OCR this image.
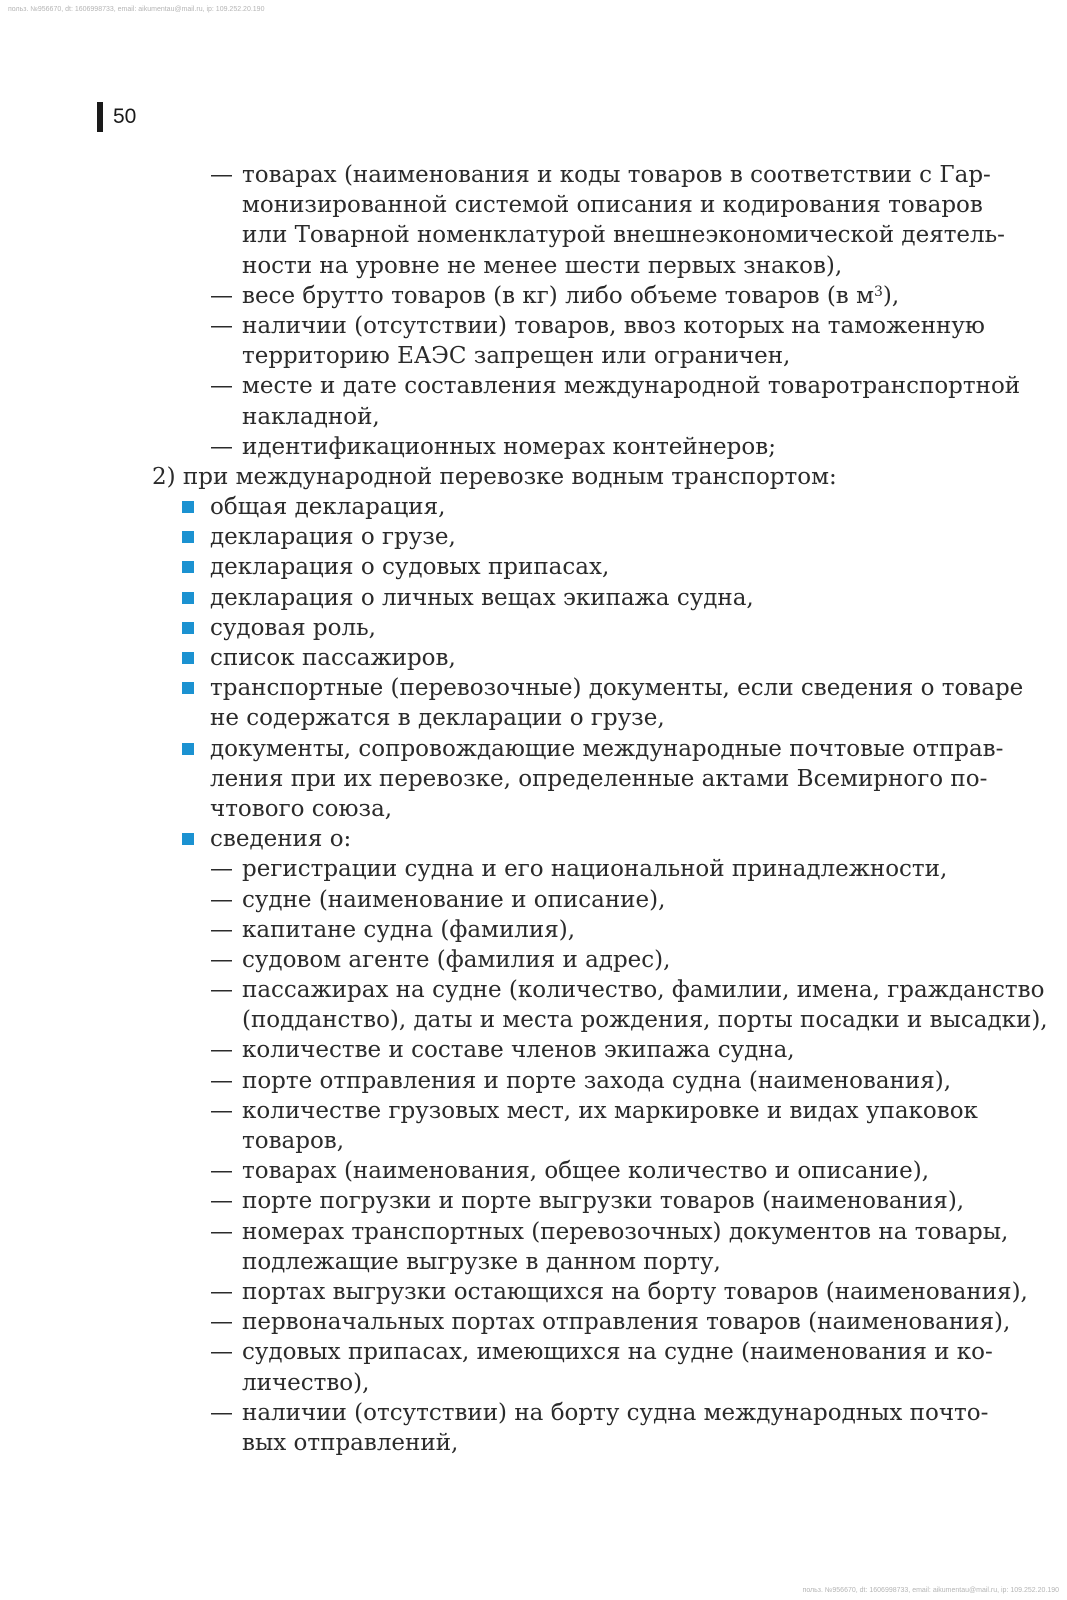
польз. №956670, dt: 1606998733, email: aikumentau@mail.ru, ip: 109.252.20.190
польз. №956670, dt: 1606998733, email: aikumentau@mail.ru, ip: 109.252.20.190
50
— товарах (наименования и коды товаров в соответствии с Гар-
монизированной системой описания и кодирования товаров
или Товарной номенклатурой внешнеэкономической деятель-
ности на уровне не менее шести первых знаков),
— весе брутто товаров (в кг) либо объеме товаров (в $м^3$),
— наличии (отсутствии) товаров, ввоз которых на таможенную
территорию ЕАЭС запрещен или ограничен,
— месте и дате составления международной товаротранспортной
накладной,
— идентификационных номерах контейнеров;
2) при международной перевозке водным транспортом:
общая декларация,
декларация о грузе,
декларация о судовых припасах,
декларация о личных вещах экипажа судна,
судовая роль,
список пассажиров,
транспортные (перевозочные) документы, если сведения о товаре
не содержатся в декларации о грузе,
документы, сопровождающие международные почтовые отправ-
ления при их перевозке, определенные актами Всемирного по-
чтового союза,
сведения о:
— регистрации судна и его национальной принадлежности,
— судне (наименование и описание),
— капитане судна (фамилия),
— судовом агенте (фамилия и адрес),
— пассажирах на судне (количество, фамилии, имена, гражданство
(подданство), даты и места рождения, порты посадки и высадки),
— количестве и составе членов экипажа судна,
— порте отправления и порте захода судна (наименования),
— количестве грузовых мест, их маркировке и видах упаковок
товаров,
— товарах (наименования, общее количество и описание),
— порте погрузки и порте выгрузки товаров (наименования),
— номерах транспортных (перевозочных) документов на товары,
подлежащие выгрузке в данном порту,
— портах выгрузки остающихся на борту товаров (наименования),
— первоначальных портах отправления товаров (наименования),
— судовых припасах, имеющихся на судне (наименования и ко-
личество),
— наличии (отсутствии) на борту судна международных почто-
вых отправлений,
